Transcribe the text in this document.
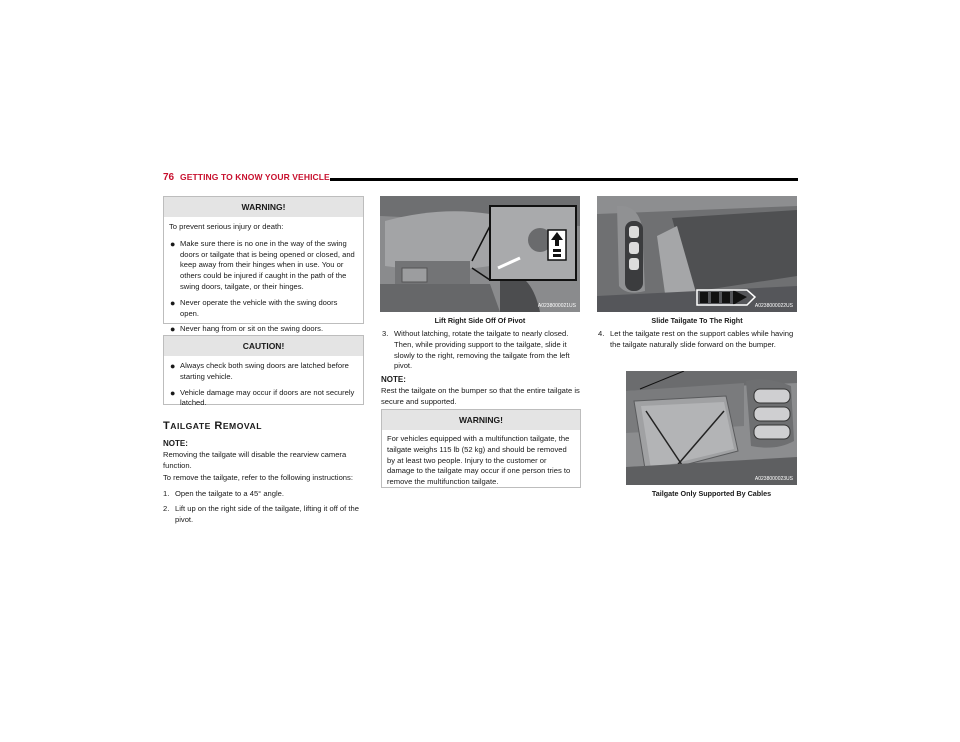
76 GETTING TO KNOW YOUR VEHICLE
WARNING!
To prevent serious injury or death:
● Make sure there is no one in the way of the swing doors or tailgate that is being opened or closed, and keep away from their hinges when in use. You or others could be injured if caught in the path of the swing doors, tailgate, or their hinges.
● Never operate the vehicle with the swing doors open.
● Never hang from or sit on the swing doors.
CAUTION!
● Always check both swing doors are latched before starting vehicle.
● Vehicle damage may occur if doors are not securely latched.
TAILGATE REMOVAL
NOTE:
Removing the tailgate will disable the rearview camera function.
To remove the tailgate, refer to the following instructions:
1. Open the tailgate to a 45° angle.
2. Lift up on the right side of the tailgate, lifting it off of the pivot.
A0238000021US
Lift Right Side Off Of Pivot
3. Without latching, rotate the tailgate to nearly closed. Then, while providing support to the tailgate, slide it slowly to the right, removing the tailgate from the left pivot.
NOTE:
Rest the tailgate on the bumper so that the entire tailgate is secure and supported.
WARNING!
For vehicles equipped with a multifunction tailgate, the tailgate weighs 115 lb (52 kg) and should be removed by at least two people. Injury to the customer or damage to the tailgate may occur if one person tries to remove the multifunction tailgate.
A0238000022US
Slide Tailgate To The Right
4. Let the tailgate rest on the support cables while having the tailgate naturally slide forward on the bumper.
A0238000023US
Tailgate Only Supported By Cables
